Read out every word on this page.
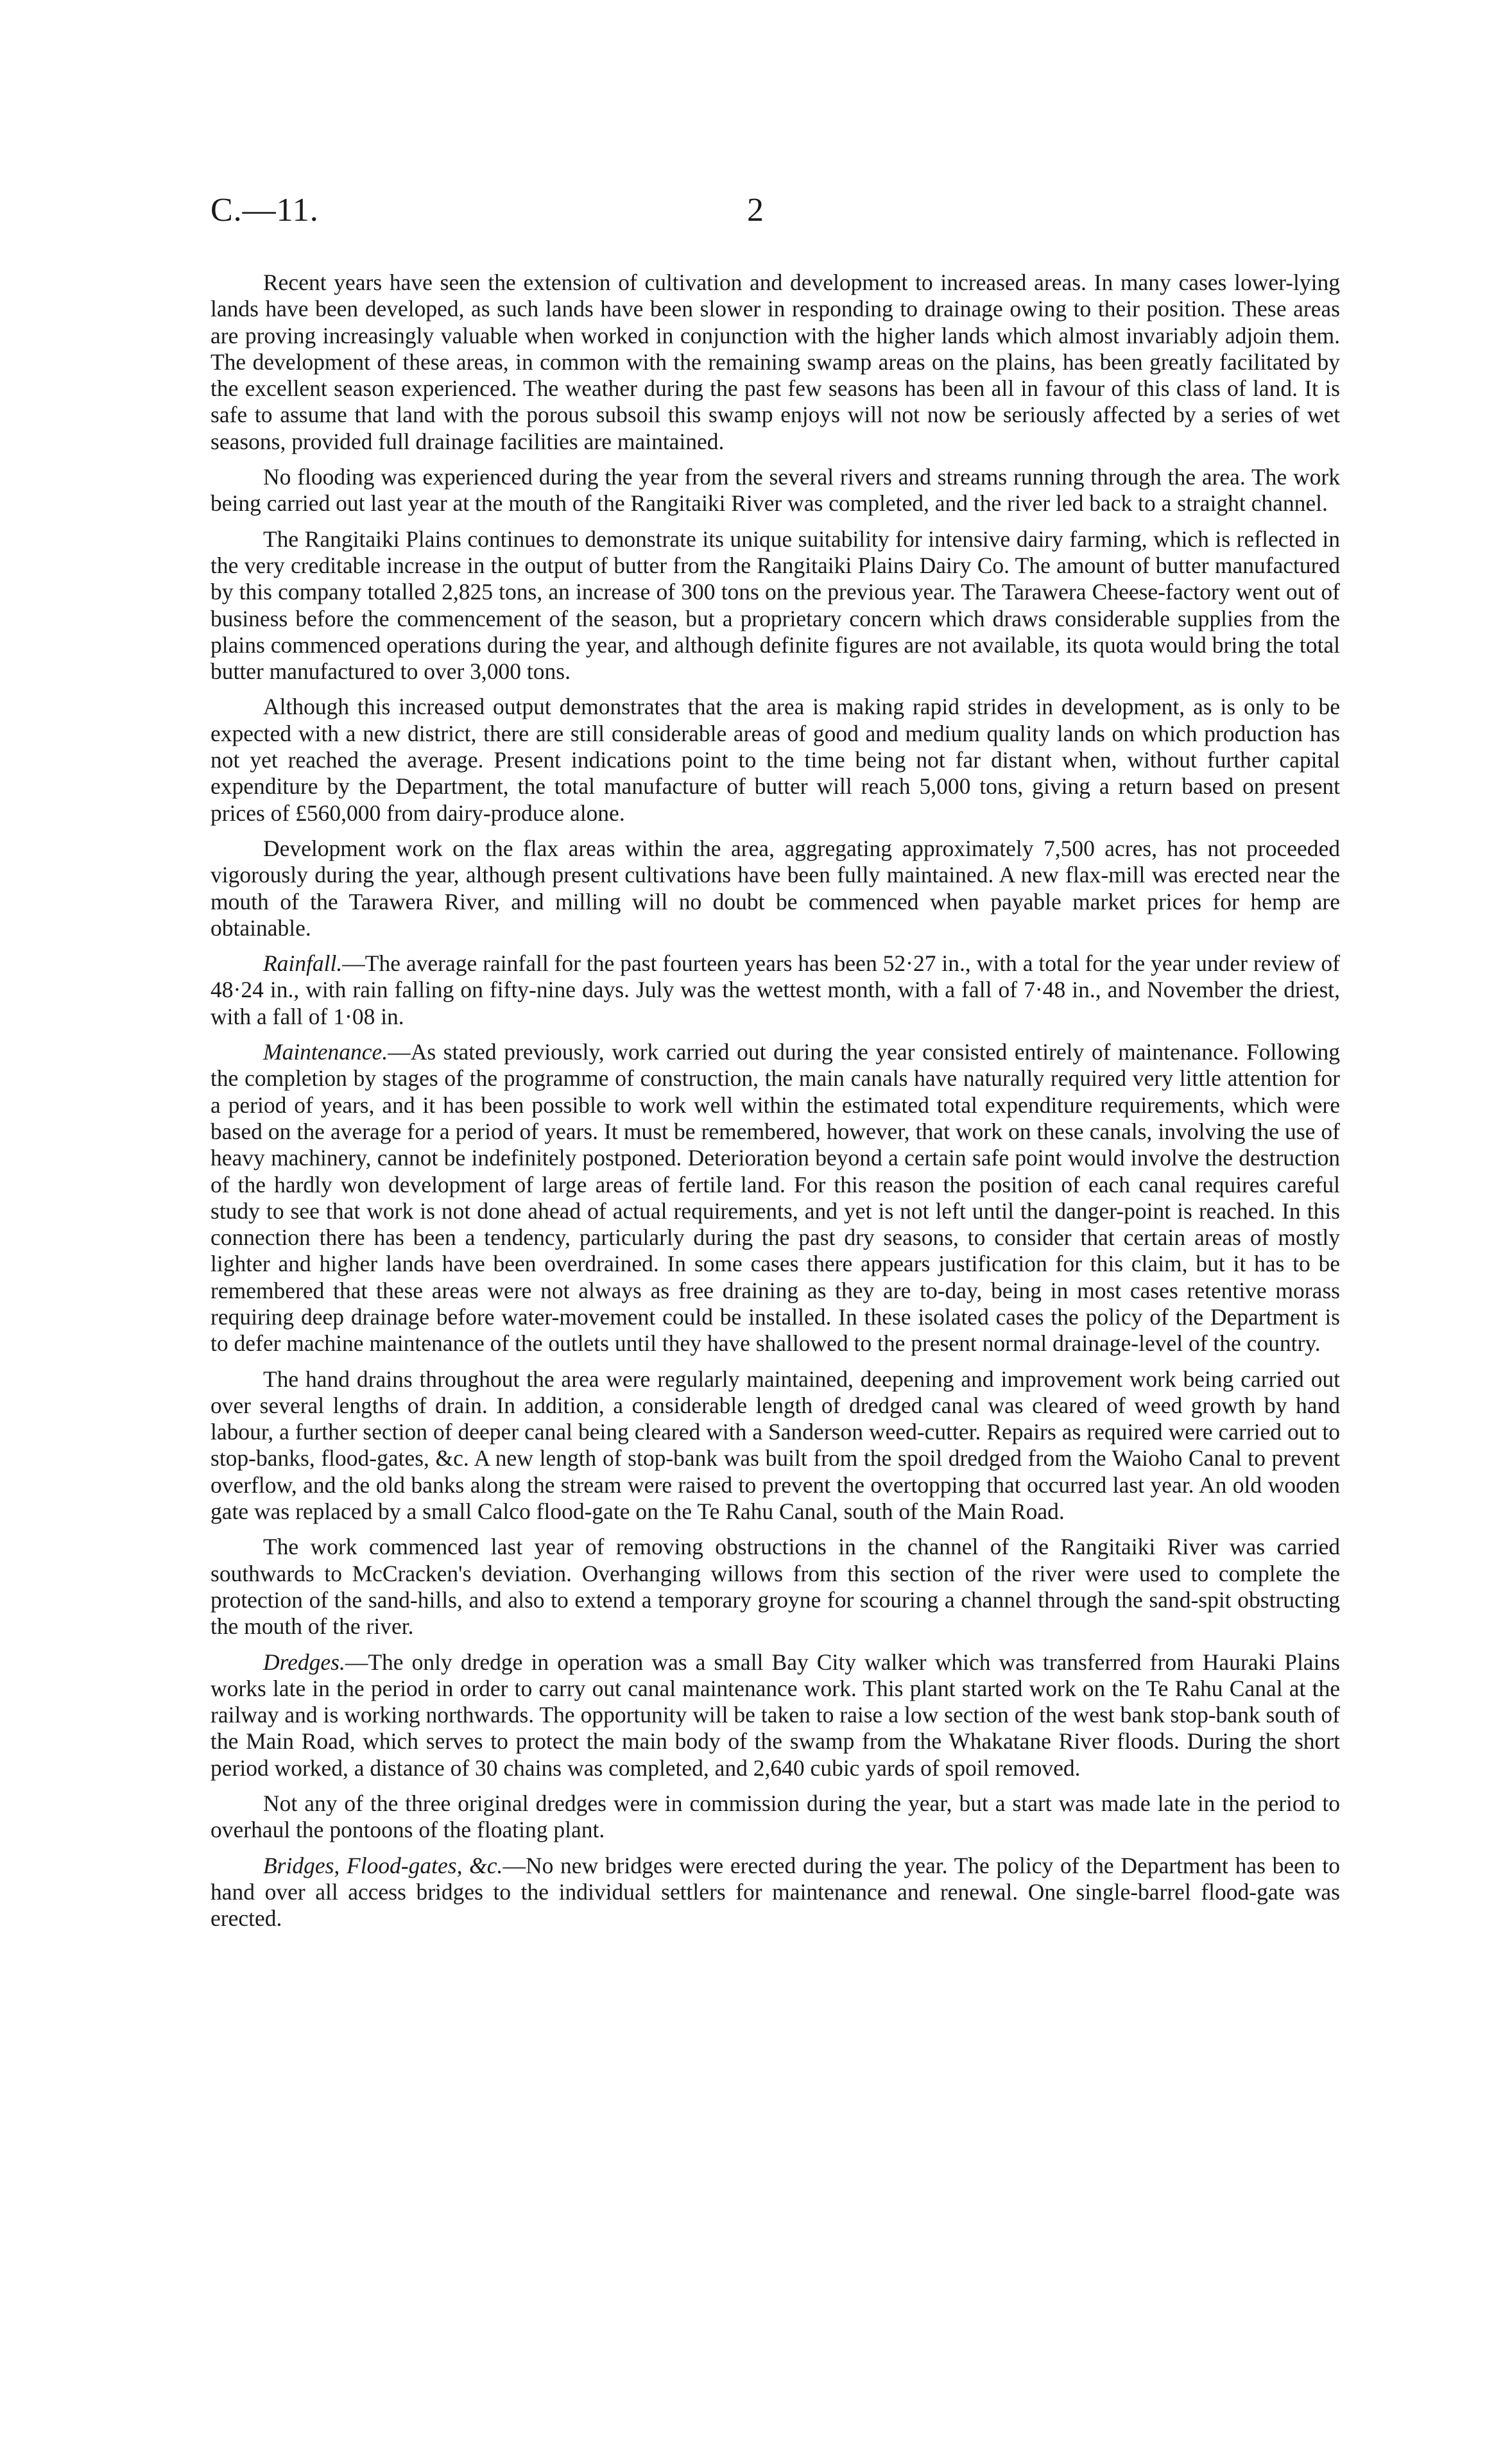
C.—11.	2

Recent years have seen the extension of cultivation and development to increased areas. In many cases lower-lying lands have been developed, as such lands have been slower in responding to drainage owing to their position. These areas are proving increasingly valuable when worked in conjunction with the higher lands which almost invariably adjoin them. The development of these areas, in common with the remaining swamp areas on the plains, has been greatly facilitated by the excellent season experienced. The weather during the past few seasons has been all in favour of this class of land. It is safe to assume that land with the porous subsoil this swamp enjoys will not now be seriously affected by a series of wet seasons, provided full drainage facilities are maintained.

No flooding was experienced during the year from the several rivers and streams running through the area. The work being carried out last year at the mouth of the Rangitaiki River was completed, and the river led back to a straight channel.

The Rangitaiki Plains continues to demonstrate its unique suitability for intensive dairy farming, which is reflected in the very creditable increase in the output of butter from the Rangitaiki Plains Dairy Co. The amount of butter manufactured by this company totalled 2,825 tons, an increase of 300 tons on the previous year. The Tarawera Cheese-factory went out of business before the commencement of the season, but a proprietary concern which draws considerable supplies from the plains commenced operations during the year, and although definite figures are not available, its quota would bring the total butter manufactured to over 3,000 tons.

Although this increased output demonstrates that the area is making rapid strides in development, as is only to be expected with a new district, there are still considerable areas of good and medium quality lands on which production has not yet reached the average. Present indications point to the time being not far distant when, without further capital expenditure by the Department, the total manufacture of butter will reach 5,000 tons, giving a return based on present prices of £560,000 from dairy-produce alone.

Development work on the flax areas within the area, aggregating approximately 7,500 acres, has not proceeded vigorously during the year, although present cultivations have been fully maintained. A new flax-mill was erected near the mouth of the Tarawera River, and milling will no doubt be commenced when payable market prices for hemp are obtainable.

Rainfall.—The average rainfall for the past fourteen years has been 52·27 in., with a total for the year under review of 48·24 in., with rain falling on fifty-nine days. July was the wettest month, with a fall of 7·48 in., and November the driest, with a fall of 1·08 in.

Maintenance.—As stated previously, work carried out during the year consisted entirely of maintenance. Following the completion by stages of the programme of construction, the main canals have naturally required very little attention for a period of years, and it has been possible to work well within the estimated total expenditure requirements, which were based on the average for a period of years. It must be remembered, however, that work on these canals, involving the use of heavy machinery, cannot be indefinitely postponed. Deterioration beyond a certain safe point would involve the destruction of the hardly won development of large areas of fertile land. For this reason the position of each canal requires careful study to see that work is not done ahead of actual requirements, and yet is not left until the danger-point is reached. In this connection there has been a tendency, particularly during the past dry seasons, to consider that certain areas of mostly lighter and higher lands have been overdrained. In some cases there appears justification for this claim, but it has to be remembered that these areas were not always as free draining as they are to-day, being in most cases retentive morass requiring deep drainage before water-movement could be installed. In these isolated cases the policy of the Department is to defer machine maintenance of the outlets until they have shallowed to the present normal drainage-level of the country.

The hand drains throughout the area were regularly maintained, deepening and improvement work being carried out over several lengths of drain. In addition, a considerable length of dredged canal was cleared of weed growth by hand labour, a further section of deeper canal being cleared with a Sanderson weed-cutter. Repairs as required were carried out to stop-banks, flood-gates, &c. A new length of stop-bank was built from the spoil dredged from the Waioho Canal to prevent overflow, and the old banks along the stream were raised to prevent the overtopping that occurred last year. An old wooden gate was replaced by a small Calco flood-gate on the Te Rahu Canal, south of the Main Road.

The work commenced last year of removing obstructions in the channel of the Rangitaiki River was carried southwards to McCracken's deviation. Overhanging willows from this section of the river were used to complete the protection of the sand-hills, and also to extend a temporary groyne for scouring a channel through the sand-spit obstructing the mouth of the river.

Dredges.—The only dredge in operation was a small Bay City walker which was transferred from Hauraki Plains works late in the period in order to carry out canal maintenance work. This plant started work on the Te Rahu Canal at the railway and is working northwards. The opportunity will be taken to raise a low section of the west bank stop-bank south of the Main Road, which serves to protect the main body of the swamp from the Whakatane River floods. During the short period worked, a distance of 30 chains was completed, and 2,640 cubic yards of spoil removed.

Not any of the three original dredges were in commission during the year, but a start was made late in the period to overhaul the pontoons of the floating plant.

Bridges, Flood-gates, &c.—No new bridges were erected during the year. The policy of the Department has been to hand over all access bridges to the individual settlers for maintenance and renewal. One single-barrel flood-gate was erected.
